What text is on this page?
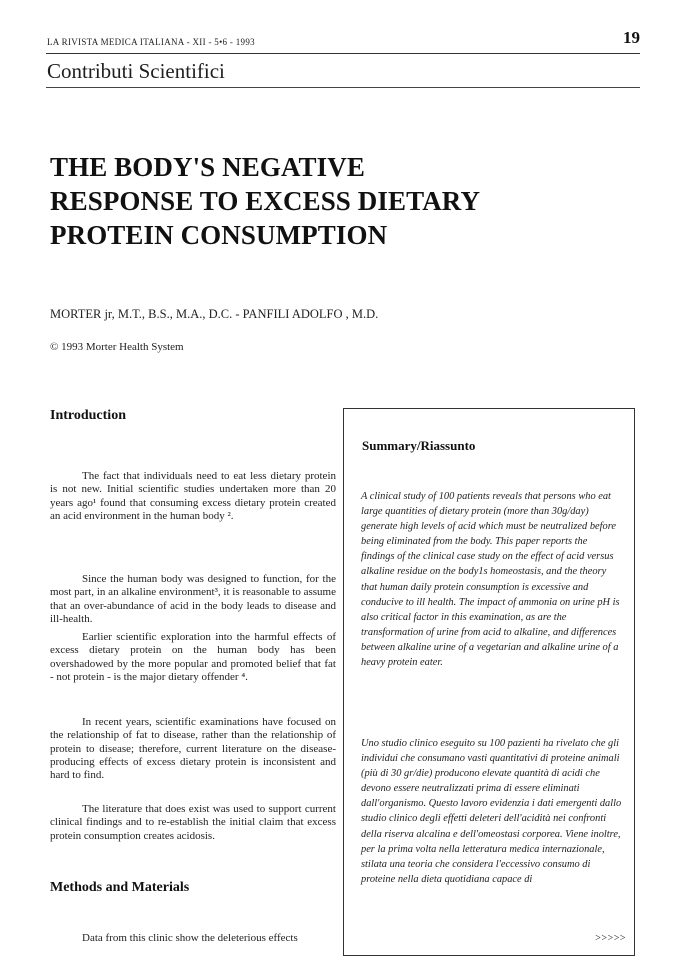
LA RIVISTA MEDICA ITALIANA - XII - 5•6 - 1993	19
Contributi Scientifici
THE BODY'S NEGATIVE
RESPONSE TO EXCESS DIETARY
PROTEIN CONSUMPTION
MORTER jr, M.T., B.S., M.A., D.C. - PANFILI ADOLFO , M.D.
© 1993 Morter Health System
Introduction

The fact that individuals need to eat less dietary protein is not new. Initial scientific studies undertaken more than 20 years ago¹ found that consuming excess dietary protein created an acid environment in the human body ².

Since the human body was designed to function, for the most part, in an alkaline environment³, it is reasonable to assume that an over-abundance of acid in the body leads to disease and ill-health.

Earlier scientific exploration into the harmful effects of excess dietary protein on the human body has been overshadowed by the more popular and promoted belief that fat - not protein - is the major dietary offender ⁴.

In recent years, scientific examinations have focused on the relationship of fat to disease, rather than the relationship of protein to disease; therefore, current literature on the disease-producing effects of excess dietary protein is inconsistent and hard to find.

The literature that does exist was used to support current clinical findings and to re-establish the initial claim that excess protein consumption creates acidosis.

Methods and Materials

Data from this clinic show the deleterious effects

Summary/Riassunto

A clinical study of 100 patients reveals that persons who eat large quantities of dietary protein (more than 30g/day) generate high levels of acid which must be neutralized before being eliminated from the body. This paper reports the findings of the clinical case study on the effect of acid versus alkaline residue on the body1s homeostasis, and the theory that human daily protein consumption is excessive and conducive to ill health. The impact of ammonia on urine pH is also critical factor in this examination, as are the transformation of urine from acid to alkaline, and differences between alkaline urine of a vegetarian and alkaline urine of a heavy protein eater.

Uno studio clinico eseguito su 100 pazienti ha rivelato che gli individui che consumano vasti quantitativi di proteine animali (più di 30 gr/die) producono elevate quantità di acidi che devono essere neutralizzati prima di essere eliminati dall'organismo. Questo lavoro evidenzia i dati emergenti dallo studio clinico degli effetti deleteri dell'acidità nei confronti della riserva alcalina e dell'omeostasi corporea. Viene inoltre, per la prima volta nella letteratura medica internazionale, stilata una teoria che considera l'eccessivo consumo di proteine nella dieta quotidiana capace di

>>>>>
